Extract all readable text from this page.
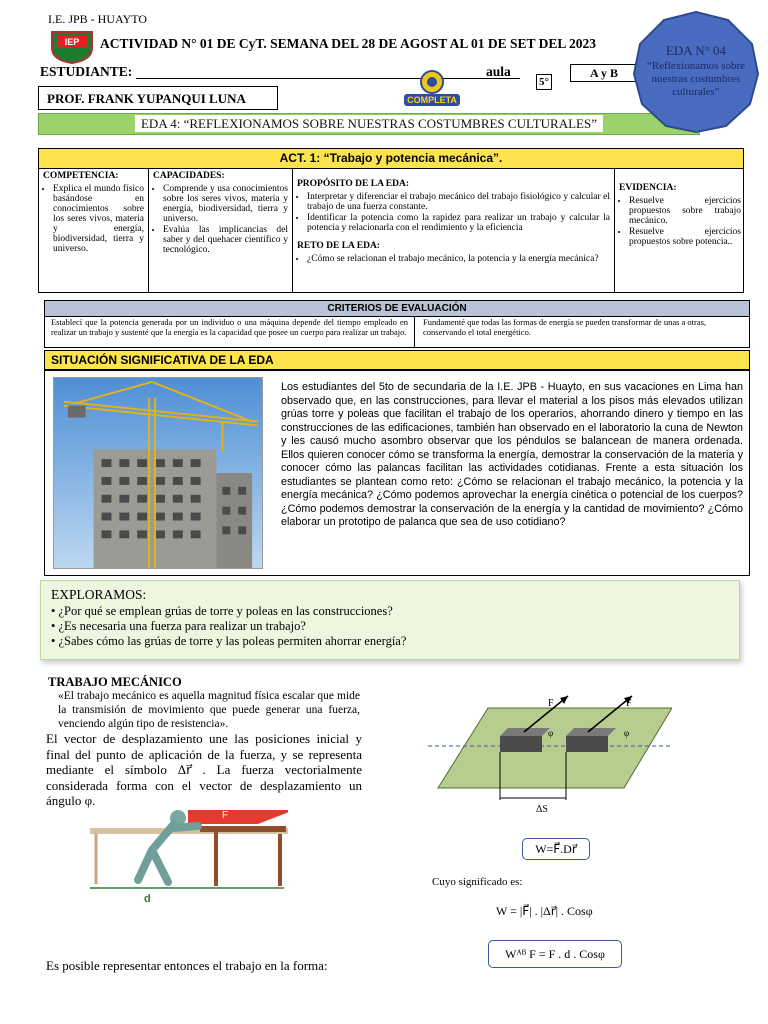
I.E. JPB - HUAYTO
IEP ACTIVIDAD N° 01 DE CyT. SEMANA DEL 28 DE AGOST AL 01 DE SET DEL 2023
ESTUDIANTE:	aula
5°
A y B
PROF. FRANK YUPANQUI LUNA	COMPLETA
EDA 4: “REFLEXIONAMOS SOBRE NUESTRAS COSTUMBRES CULTURALES”
EDA N° 04
“Reflexionamos sobre nuestras costumbres culturales”
ACT. 1: “Trabajo y potencia mecánica”.
COMPETENCIA:
• Explica el mundo físico basándose en conocimientos sobre los seres vivos, materia y energía, biodiversidad, tierra y universo.
CAPACIDADES:
• Comprende y usa conocimientos sobre los seres vivos, materia y energía, biodiversidad, tierra y universo.
• Evalúa las implicancias del saber y del quehacer científico y tecnológico.
PROPÓSITO DE LA EDA:
• Interpretar y diferenciar el trabajo mecánico del trabajo fisiológico y calcular el trabajo de una fuerza constante.
• Identificar la potencia como la rapidez para realizar un trabajo y calcular la potencia y relacionarla con el rendimiento y la eficiencia
RETO DE LA EDA:
• ¿Cómo se relacionan el trabajo mecánico, la potencia y la energía mecánica?
EVIDENCIA:
• Resuelve ejercicios propuestos sobre trabajo mecánico.
• Resuelve ejercicios propuestos sobre potencia..
CRITERIOS DE EVALUACIÓN
Establecí que la potencia generada por un individuo o una máquina depende del tiempo empleado en realizar un trabajo y sustenté que la energía es la capacidad que posee un cuerpo para realizar un trabajo.
Fundamenté que todas las formas de energía se pueden transformar de unas a otras, conservando el total energético.
SITUACIÓN SIGNIFICATIVA DE LA EDA
Los estudiantes del 5to de secundaria de la I.E. JPB - Huayto, en sus vacaciones en Lima han observado que, en las construcciones, para llevar el material a los pisos más elevados utilizan grúas torre y poleas que facilitan el trabajo de los operarios, ahorrando dinero y tiempo en las construcciones de las edificaciones, también han observado en el laboratorio la cuna de Newton y les causó mucho asombro observar que los péndulos se balancean de manera ordenada. Ellos quieren conocer cómo se transforma la energía, demostrar la conservación de la materia y conocer cómo las palancas facilitan las actividades cotidianas. Frente a esta situación los estudiantes se plantean como reto: ¿Cómo se relacionan el trabajo mecánico, la potencia y la energía mecánica? ¿Cómo podemos aprovechar la energía cinética o potencial de los cuerpos? ¿Cómo podemos demostrar la conservación de la energía y la cantidad de movimiento? ¿Cómo elaborar un prototipo de palanca que sea de uso cotidiano?
EXPLORAMOS:

• ¿Por qué se emplean grúas de torre y poleas en las construcciones?

• ¿Es necesaria una fuerza para realizar un trabajo?

• ¿Sabes cómo las grúas de torre y las poleas permiten ahorrar energía?

TRABAJO MECÁNICO
«El trabajo mecánico es aquella magnitud física escalar que mide la transmisión de movimiento que puede generar una fuerza, venciendo algún tipo de resistencia».
El vector de desplazamiento une las posiciones inicial y final del punto de aplicación de la fuerza, y se representa mediante el símbolo Δr⃗ . La fuerza vectorialmente considerada forma con el vector de desplazamiento un ángulo φ.
F
d
F	F
φ	φ
ΔS
W=F⃗.Dr⃗
Cuyo significado es:
W = |F⃗| . |Δr⃗| . Cosφ
Wᴬᴮ F = F . d . Cosφ
Es posible representar entonces el trabajo en la forma:
